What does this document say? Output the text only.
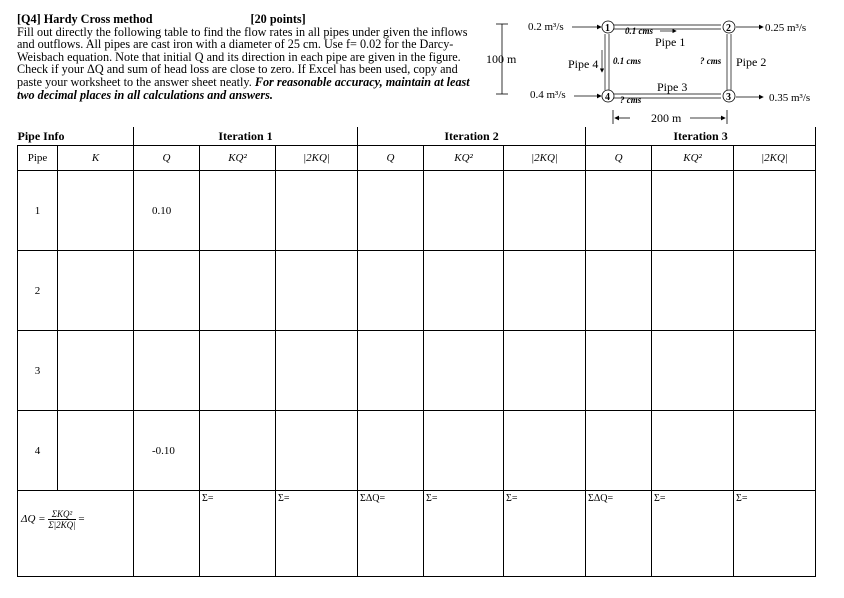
[Q4] Hardy Cross method	[20 points]
Fill out directly the following table to find the flow rates in all pipes under given the inflows and outflows. All pipes are cast iron with a diameter of 25 cm. Use f= 0.02 for the Darcy-Weisbach equation. Note that initial Q and its direction in each pipe are given in the figure. Check if your ΔQ and sum of head loss are close to zero. If Excel has been used, copy and paste your worksheet to the answer sheet neatly. For reasonable accuracy, maintain at least two decimal places in all calculations and answers.
100 m
0.2 m³/s
0.4 m³/s
0.1 cms
Pipe 1
Pipe 3
? cms
Pipe 4 0.1 cms	Pipe 2
? cms
1	2
3
4
0.25 m³/s
0.35 m³/s
200 m
Pipe Info		Iteration 1			Iteration 2			Iteration 3		
Pipe	K	Q	KQ²	|2KQ|	Q	KQ²	|2KQ|	Q	KQ²	|2KQ|
1		0.10								
2										
3										
4		-0.10								

$\Delta Q = \frac{\text{ΣKQ²}}{\Sigma|2KQ|}$ =			Σ=	Σ=	ΣΔQ=	Σ=	Σ=	ΣΔQ=	Σ=	Σ=
